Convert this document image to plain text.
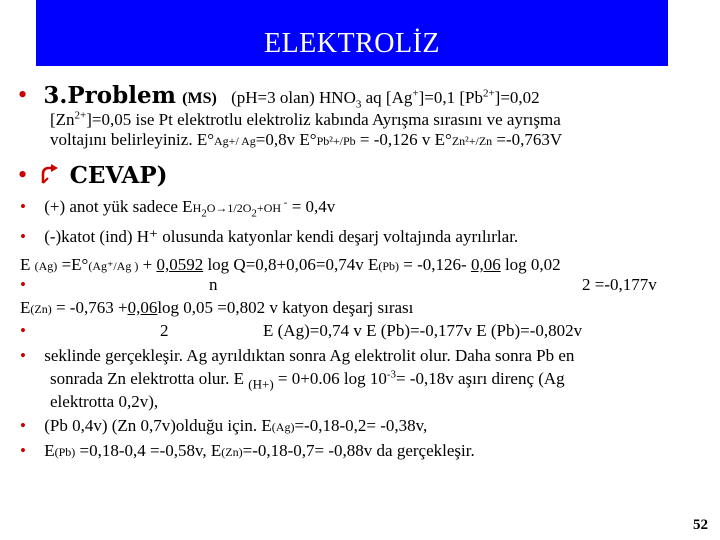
ELEKTROLİZ
• 3.Problem (MS) (pH=3 olan) $HNO_3$ aq [Ag+]=0,1 $[Pb^{2+}]=0,02$
$[Zn^{2+}]=0,05$ ise Pt elektrotlu elektroliz kabında Ayrışma sırasını ve ayrışma
voltajını belirleyiniz. E°Ag+/ Ag=0,8v E°Pb²+/Pb = -0,126 v E°Zn²+/Zn =-0,763V
• CEVAP)
• (+) anot yük sadece $EH_2O\to 1/2O_2+OH$ - = 0,4v
• (-)katot (ind) H⁺ olusunda katyonlar kendi deşarj voltajında ayrılırlar.
E (Ag) =E°(Ag⁺/Ag ) + 0,0592 log Q=0,8+0,06=0,74v E(Pb) = -0,126- 0,06 log 0,02
•	n	2 =-0,177v
E(Zn) = -0,763 +0,06log 0,05 =0,802 v katyon deşarj sırası
•	2	E (Ag)=0,74 v E (Pb)=-0,177v E (Pb)=-0,802v
• seklinde gerçekleşir. Ag ayrıldıktan sonra Ag elektrolit olur. Daha sonra Pb en
sonrada Zn elektrotta olur. E $_{(H+)}$ = 0+0.06 $\log 10^{-3}= -0,18v$ aşırı direnç (Ag
elektrotta 0,2v),
• (Pb 0,4v) (Zn 0,7v)olduğu için. E(Ag)=-0,18-0,2= -0,38v,
• E(Pb) =0,18-0,4 =-0,58v, E(Zn)=-0,18-0,7= -0,88v da gerçekleşir.
52
